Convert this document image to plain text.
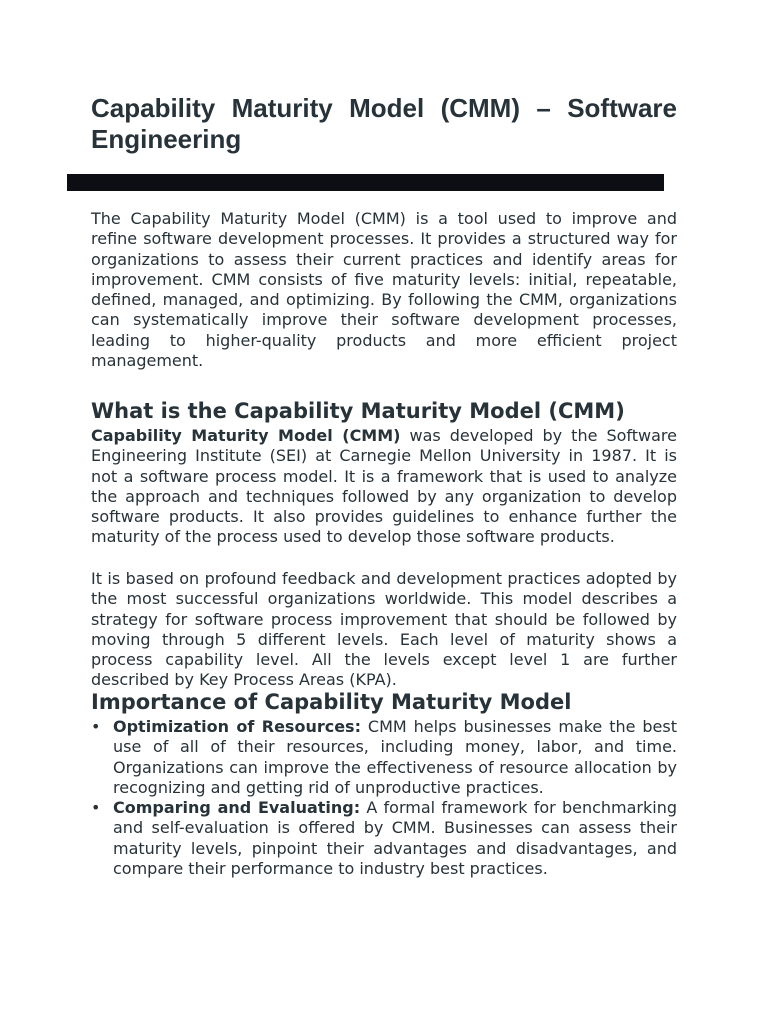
Capability Maturity Model (CMM) – Software Engineering

The Capability Maturity Model (CMM) is a tool used to improve and refine software development processes. It provides a structured way for organizations to assess their current practices and identify areas for improvement. CMM consists of five maturity levels: initial, repeatable, defined, managed, and optimizing. By following the CMM, organizations can systematically improve their software development processes, leading to higher-quality products and more efficient project management.

What is the Capability Maturity Model (CMM)

Capability Maturity Model (CMM) was developed by the Software Engineering Institute (SEI) at Carnegie Mellon University in 1987. It is not a software process model. It is a framework that is used to analyze the approach and techniques followed by any organization to develop software products. It also provides guidelines to enhance further the maturity of the process used to develop those software products.

It is based on profound feedback and development practices adopted by the most successful organizations worldwide. This model describes a strategy for software process improvement that should be followed by moving through 5 different levels. Each level of maturity shows a process capability level. All the levels except level 1 are further described by Key Process Areas (KPA).

Importance of Capability Maturity Model
• Optimization of Resources: CMM helps businesses make the best use of all of their resources, including money, labor, and time. Organizations can improve the effectiveness of resource allocation by recognizing and getting rid of unproductive practices.
• Comparing and Evaluating: A formal framework for benchmarking and self-evaluation is offered by CMM. Businesses can assess their maturity levels, pinpoint their advantages and disadvantages, and compare their performance to industry best practices.
